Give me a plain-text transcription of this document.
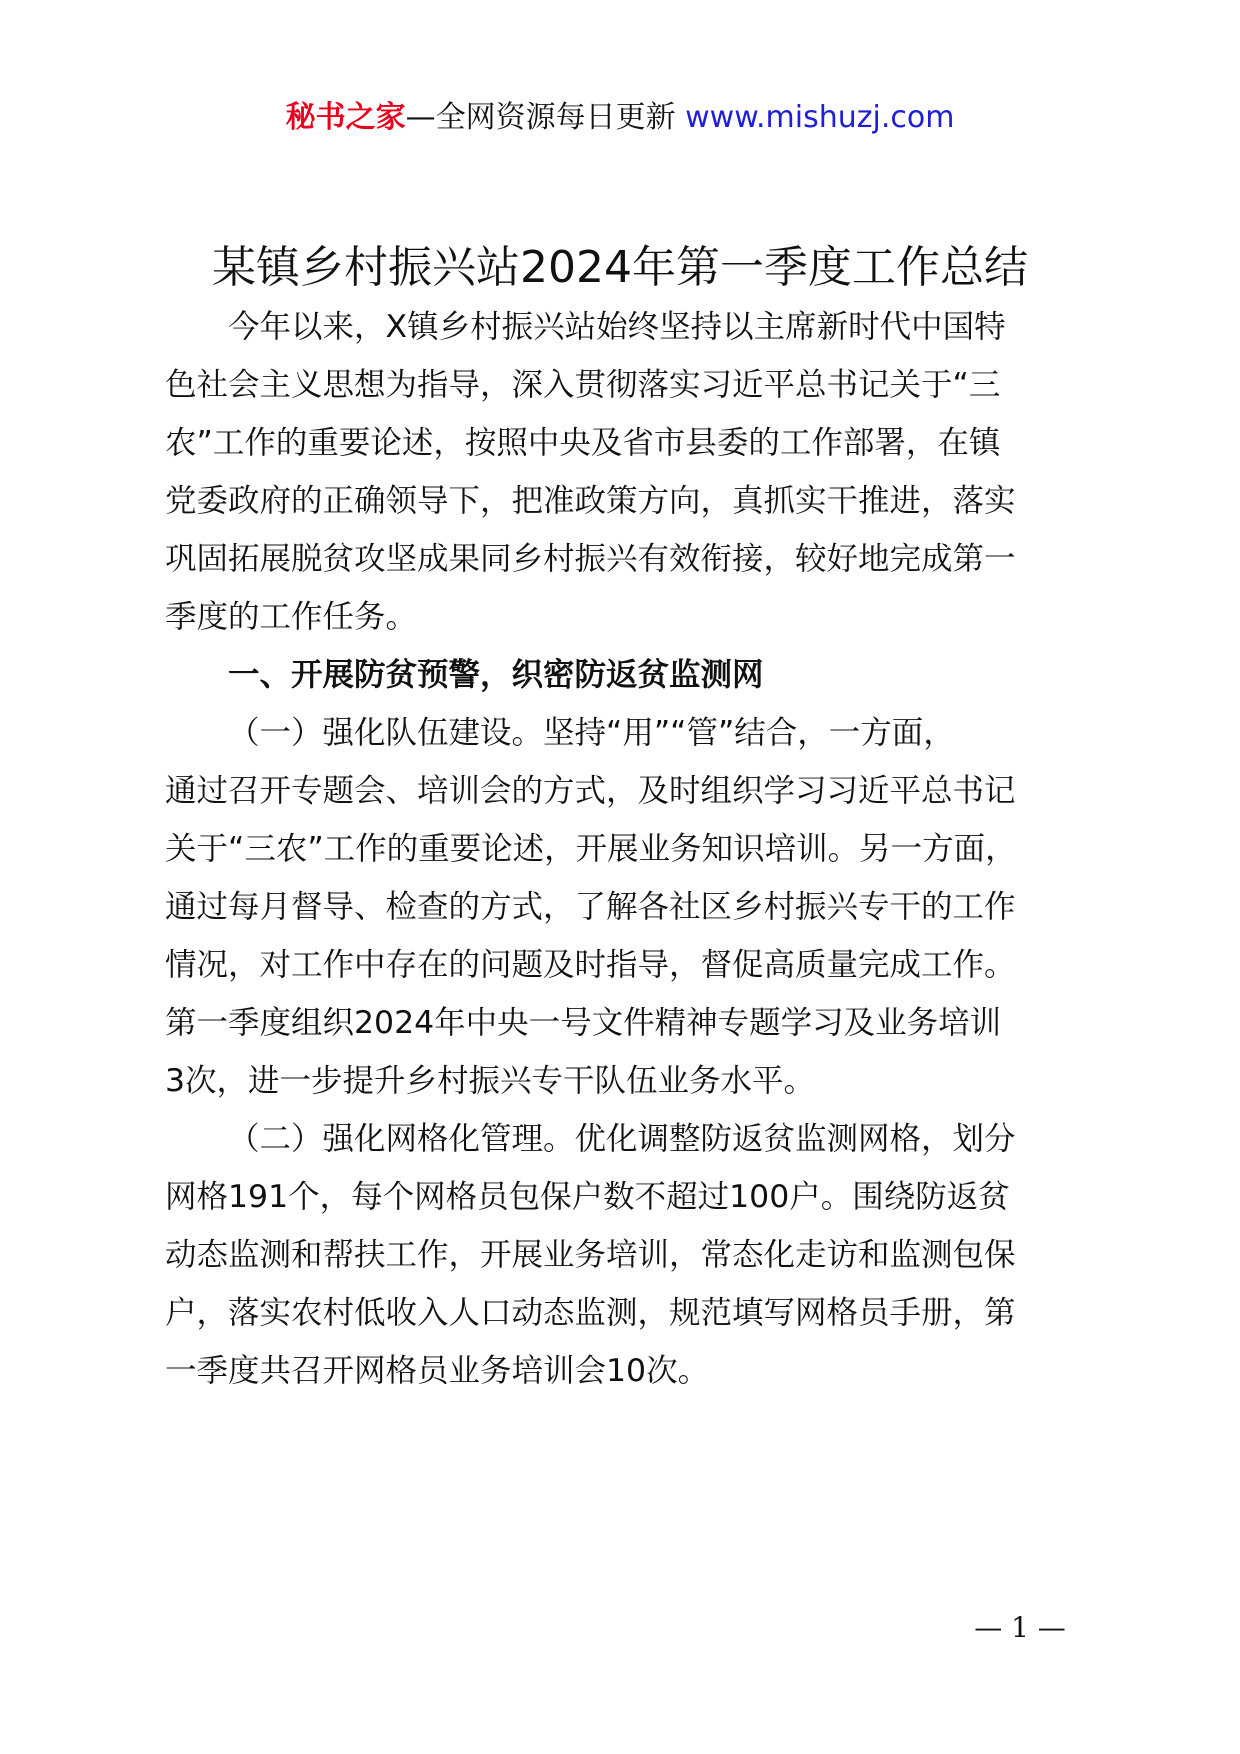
秘书之家—全网资源每日更新 www.mishuzj.com
某镇乡村振兴站2024年第一季度工作总结
今年以来，X镇乡村振兴站始终坚持以主席新时代中国特
色社会主义思想为指导，深入贯彻落实习近平总书记关于“三
农”工作的重要论述，按照中央及省市县委的工作部署，在镇
党委政府的正确领导下，把准政策方向，真抓实干推进，落实
巩固拓展脱贫攻坚成果同乡村振兴有效衔接，较好地完成第一
季度的工作任务。
一、开展防贫预警，织密防返贫监测网
（一）强化队伍建设。坚持“用”“管”结合，一方面，
通过召开专题会、培训会的方式，及时组织学习习近平总书记
关于“三农”工作的重要论述，开展业务知识培训。另一方面，
通过每月督导、检查的方式，了解各社区乡村振兴专干的工作
情况，对工作中存在的问题及时指导，督促高质量完成工作。
第一季度组织2024年中央一号文件精神专题学习及业务培训
3次，进一步提升乡村振兴专干队伍业务水平。
（二）强化网格化管理。优化调整防返贫监测网格，划分
网格191个，每个网格员包保户数不超过100户。围绕防返贫
动态监测和帮扶工作，开展业务培训，常态化走访和监测包保
户，落实农村低收入人口动态监测，规范填写网格员手册，第
一季度共召开网格员业务培训会10次。
— 1 —
